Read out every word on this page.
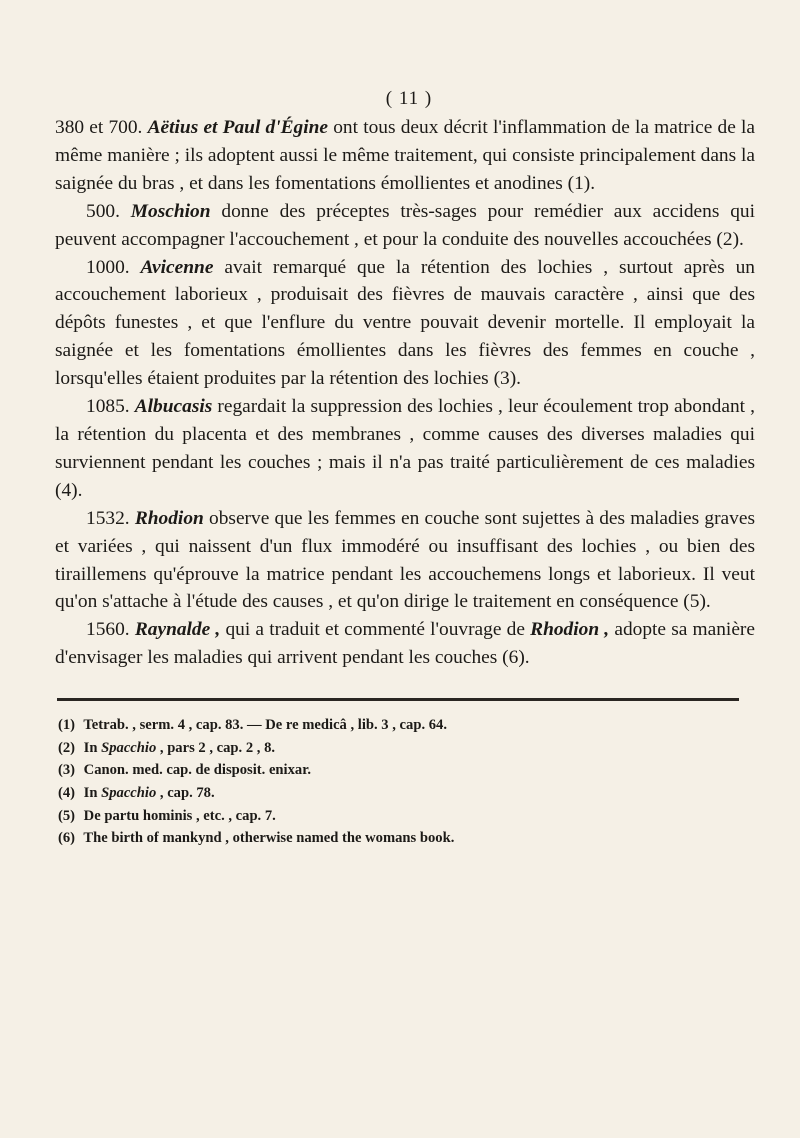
( 11 )

380 et 700. Aëtius et Paul d'Égine ont tous deux décrit l'inflammation de la matrice de la même manière ; ils adoptent aussi le même traitement, qui consiste principalement dans la saignée du bras , et dans les fomentations émollientes et anodines (1).

500. Moschion donne des préceptes très-sages pour remédier aux accidens qui peuvent accompagner l'accouchement , et pour la conduite des nouvelles accouchées (2).

1000. Avicenne avait remarqué que la rétention des lochies , surtout après un accouchement laborieux , produisait des fièvres de mauvais caractère , ainsi que des dépôts funestes , et que l'enflure du ventre pouvait devenir mortelle. Il employait la saignée et les fomentations émollientes dans les fièvres des femmes en couche , lorsqu'elles étaient produites par la rétention des lochies (3).

1085. Albucasis regardait la suppression des lochies , leur écoulement trop abondant , la rétention du placenta et des membranes , comme causes des diverses maladies qui surviennent pendant les couches ; mais il n'a pas traité particulièrement de ces maladies (4).

1532. Rhodion observe que les femmes en couche sont sujettes à des maladies graves et variées , qui naissent d'un flux immodéré ou insuffisant des lochies , ou bien des tiraillemens qu'éprouve la matrice pendant les accouchemens longs et laborieux. Il veut qu'on s'attache à l'étude des causes , et qu'on dirige le traitement en conséquence (5).

1560. Raynalde , qui a traduit et commenté l'ouvrage de Rhodion , adopte sa manière d'envisager les maladies qui arrivent pendant les couches (6).

(1) Tetrab. , serm. 4 , cap. 83. — De re medicâ , lib. 3 , cap. 64.
(2) In Spacchio , pars 2 , cap. 2 , 8.
(3) Canon. med. cap. de disposit. enixar.
(4) In Spacchio , cap. 78.
(5) De partu hominis , etc. , cap. 7.
(6) The birth of mankynd , otherwise named the womans book.
